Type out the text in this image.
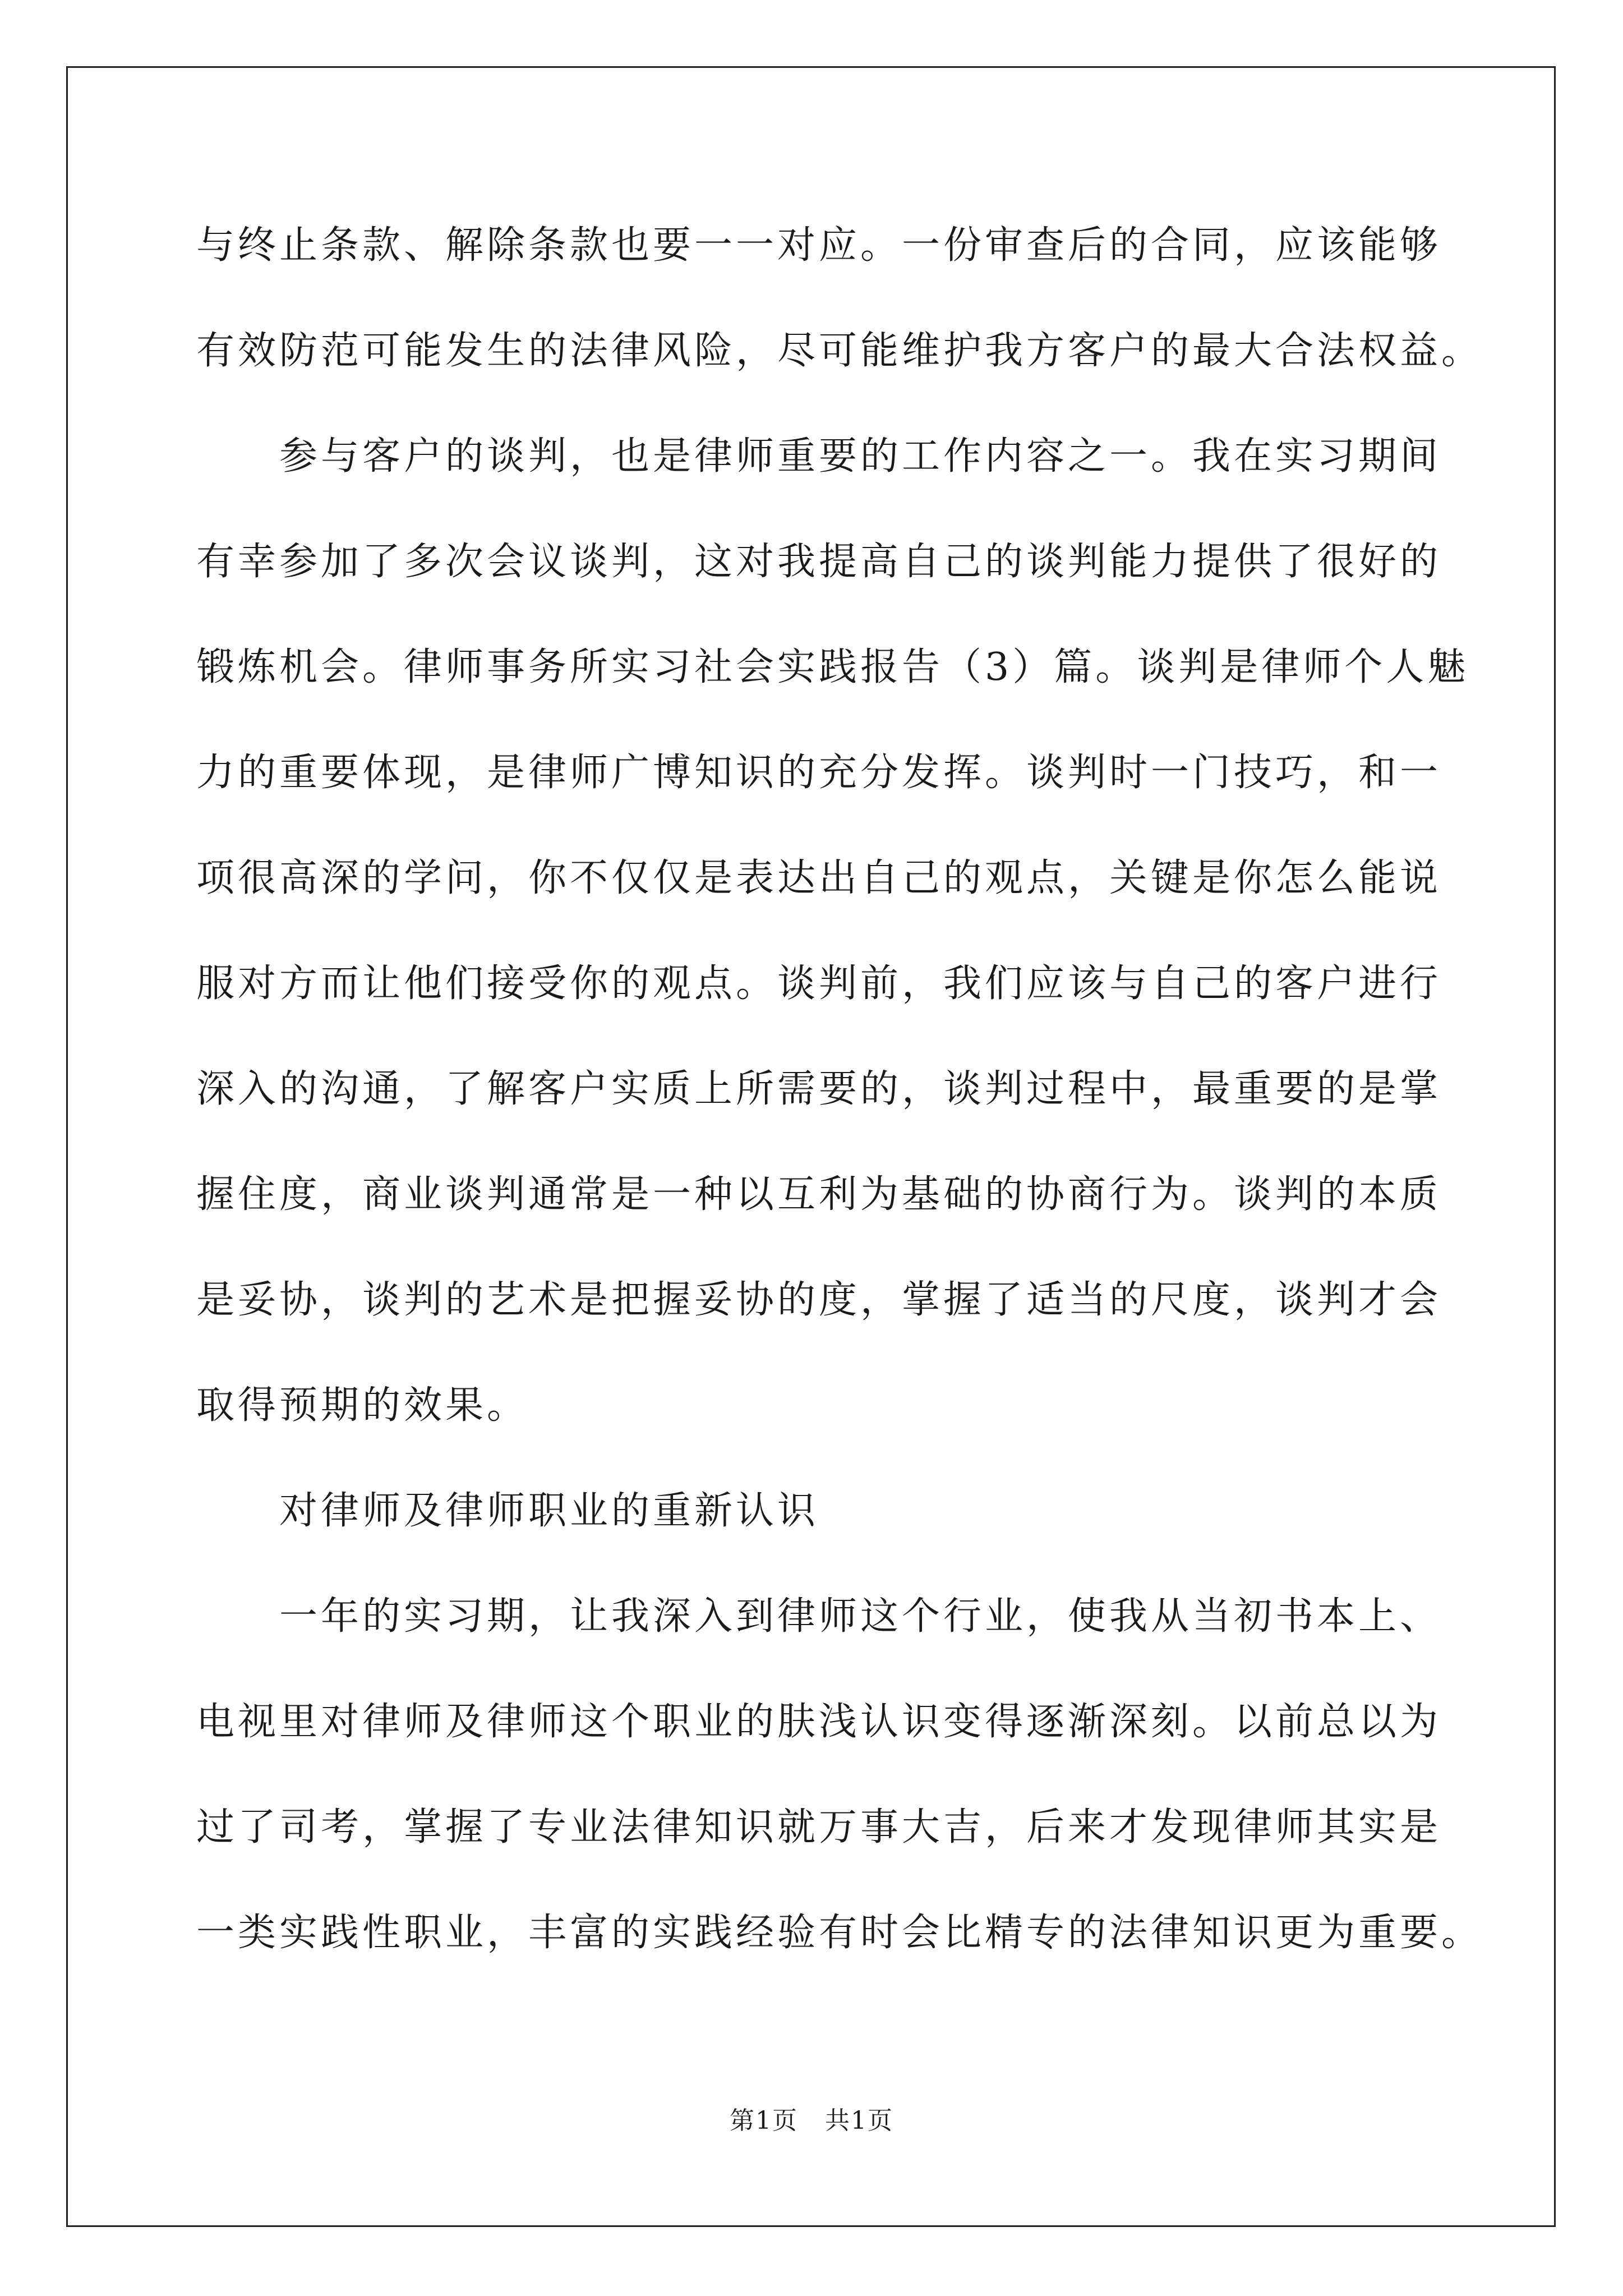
与终止条款、解除条款也要一一对应。一份审查后的合同，应该能够
有效防范可能发生的法律风险，尽可能维护我方客户的最大合法权益。
参与客户的谈判，也是律师重要的工作内容之一。我在实习期间
有幸参加了多次会议谈判，这对我提高自己的谈判能力提供了很好的
锻炼机会。律师事务所实习社会实践报告（3）篇。谈判是律师个人魅
力的重要体现，是律师广博知识的充分发挥。谈判时一门技巧，和一
项很高深的学问，你不仅仅是表达出自己的观点，关键是你怎么能说
服对方而让他们接受你的观点。谈判前，我们应该与自己的客户进行
深入的沟通，了解客户实质上所需要的，谈判过程中，最重要的是掌
握住度，商业谈判通常是一种以互利为基础的协商行为。谈判的本质
是妥协，谈判的艺术是把握妥协的度，掌握了适当的尺度，谈判才会
取得预期的效果。
对律师及律师职业的重新认识
一年的实习期，让我深入到律师这个行业，使我从当初书本上、
电视里对律师及律师这个职业的肤浅认识变得逐渐深刻。以前总以为
过了司考，掌握了专业法律知识就万事大吉，后来才发现律师其实是
一类实践性职业，丰富的实践经验有时会比精专的法律知识更为重要。
第1页   共1页
